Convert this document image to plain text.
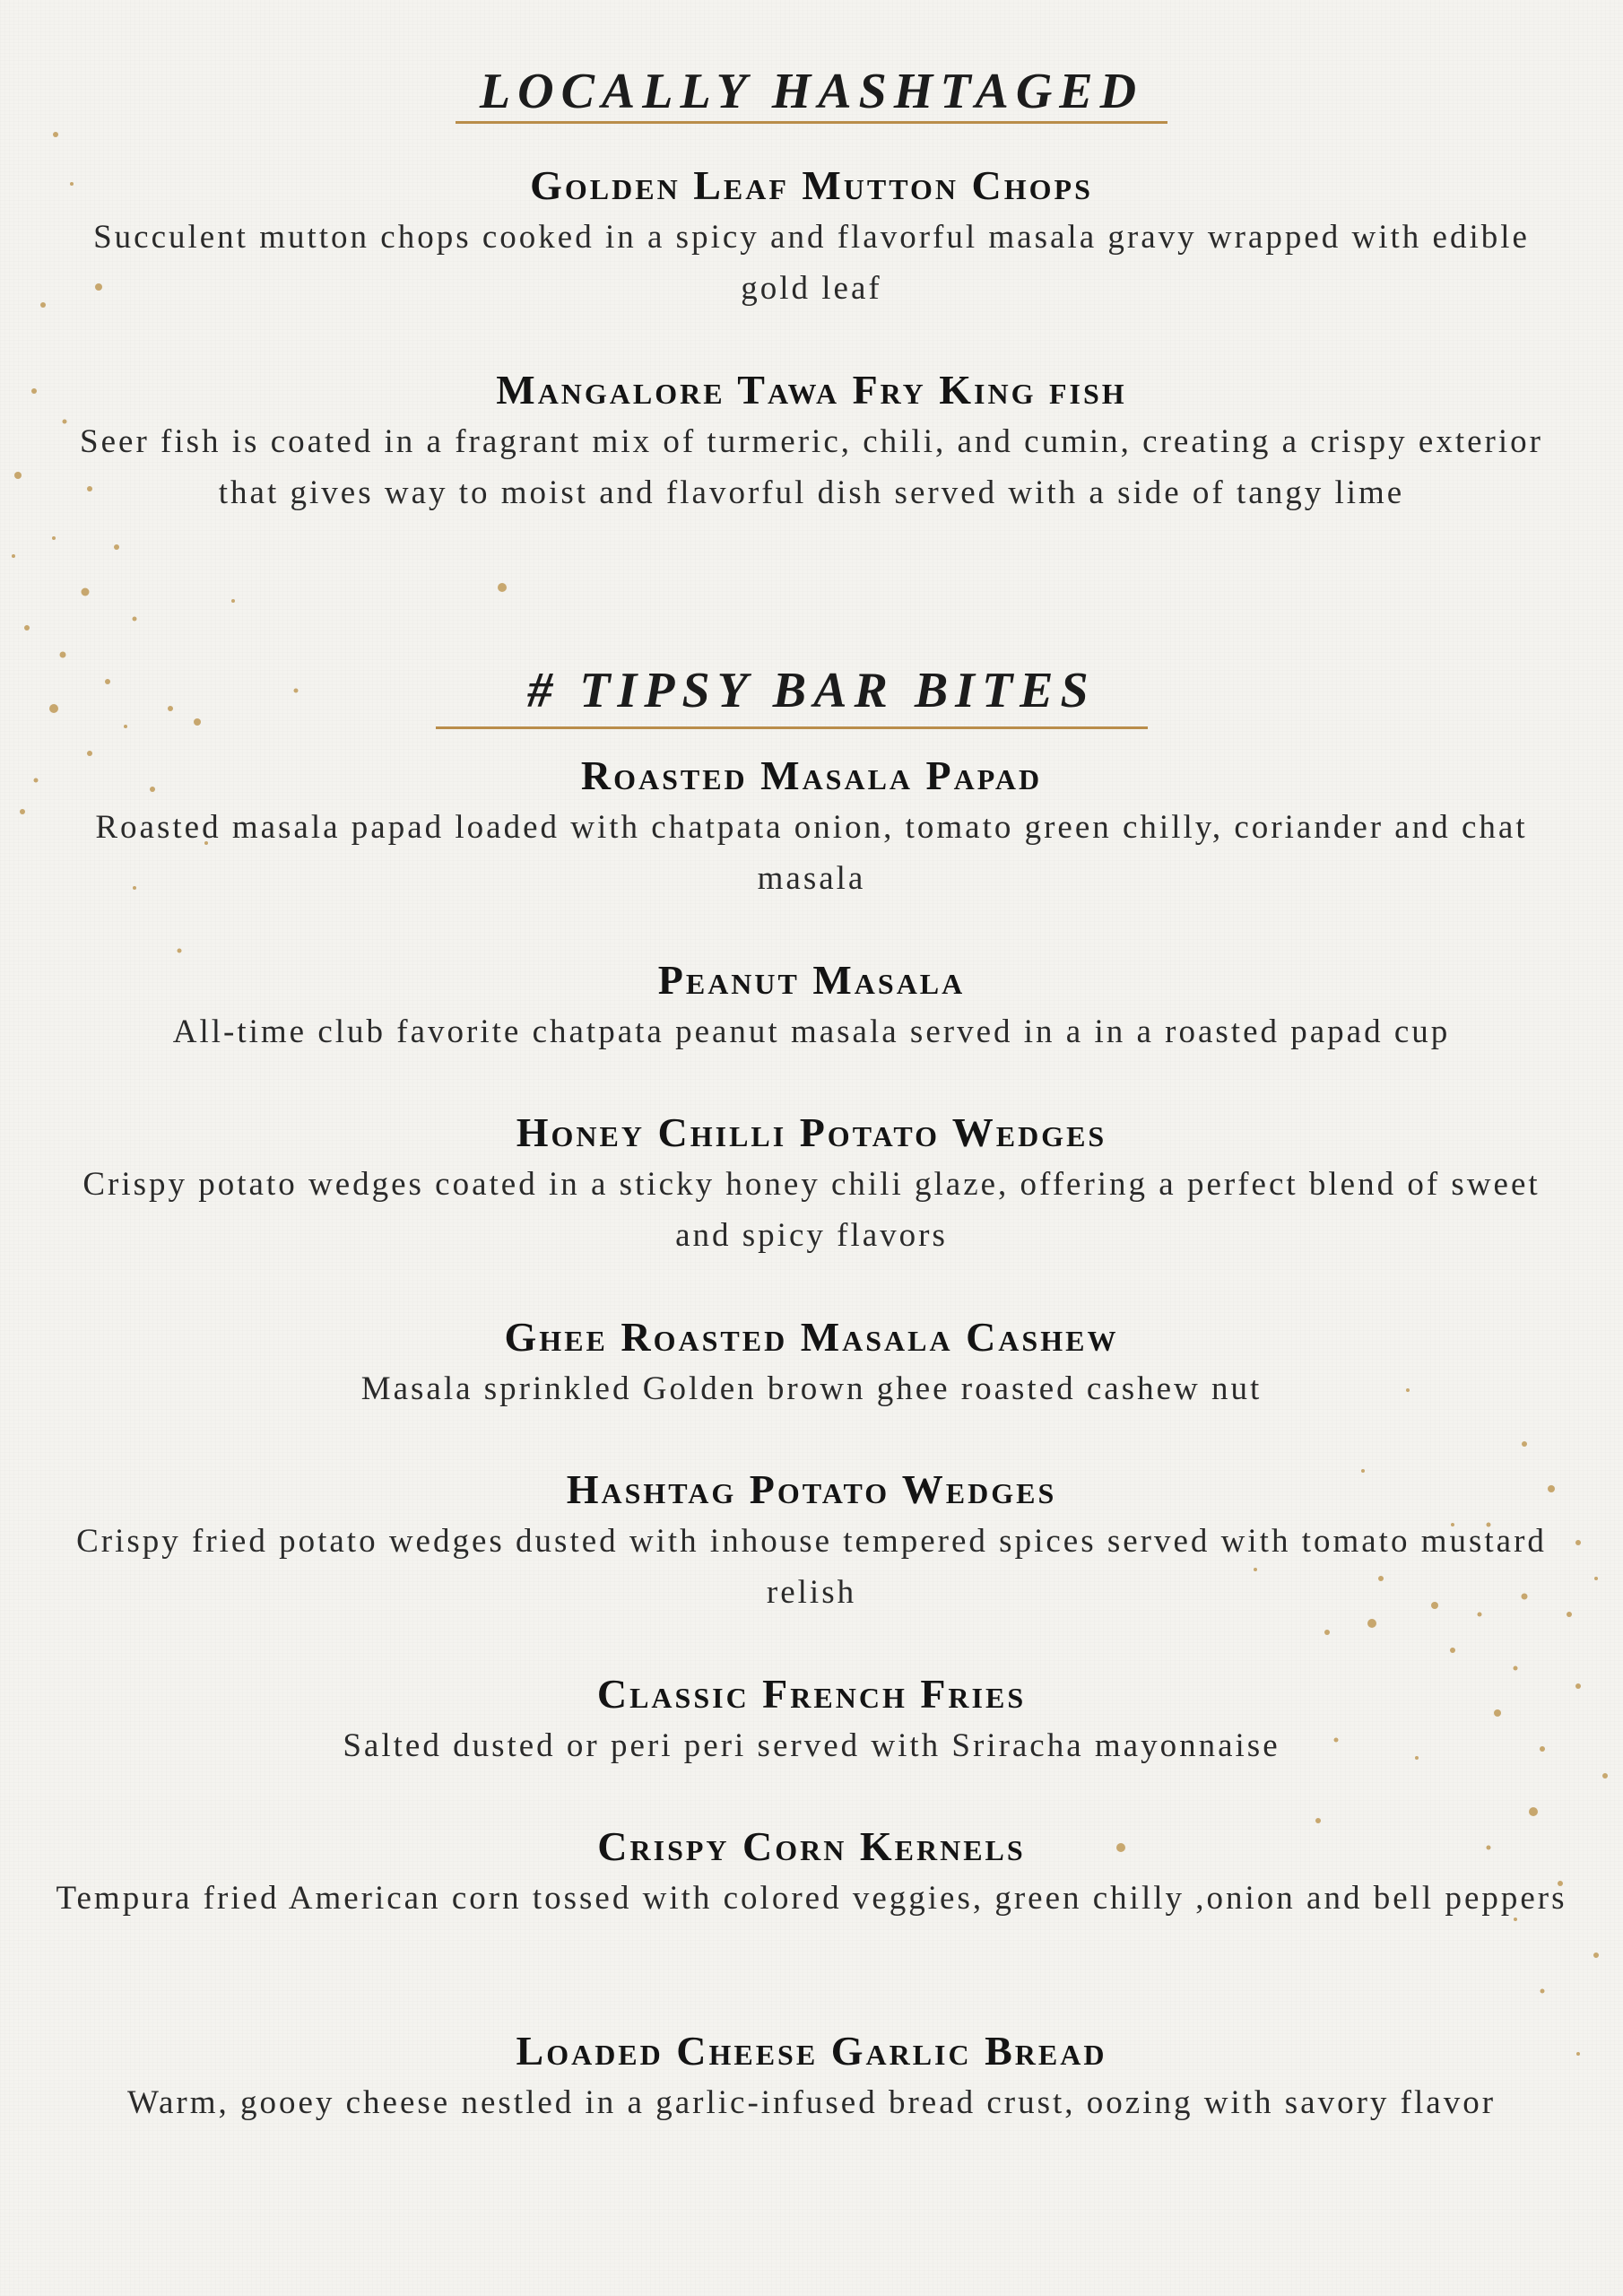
LOCALLY HASHTAGED
Golden Leaf Mutton Chops
Succulent mutton chops cooked in a spicy and flavorful masala gravy wrapped with edible gold leaf
Mangalore Tawa Fry King fish
Seer fish is coated in a fragrant mix of turmeric, chili, and cumin, creating a crispy exterior that gives way to moist and flavorful dish served with a side of tangy lime
# TIPSY BAR BITES
Roasted Masala Papad
Roasted masala papad loaded with chatpata onion, tomato green chilly, coriander and chat masala
Peanut Masala
All-time club favorite chatpata peanut masala served in a in a roasted papad cup
Honey Chilli Potato Wedges
Crispy potato wedges coated in a sticky honey chili glaze, offering a perfect blend of sweet and spicy flavors
Ghee Roasted Masala Cashew
Masala sprinkled Golden brown ghee roasted cashew nut
Hashtag Potato Wedges
Crispy fried potato wedges dusted with inhouse tempered spices served with tomato mustard relish
Classic French Fries
Salted dusted or peri peri served with Sriracha mayonnaise
Crispy Corn Kernels
Tempura fried American corn tossed with colored veggies, green chilly ,onion and bell peppers
Loaded Cheese Garlic Bread
Warm, gooey cheese nestled in a garlic-infused bread crust, oozing with savory flavor
